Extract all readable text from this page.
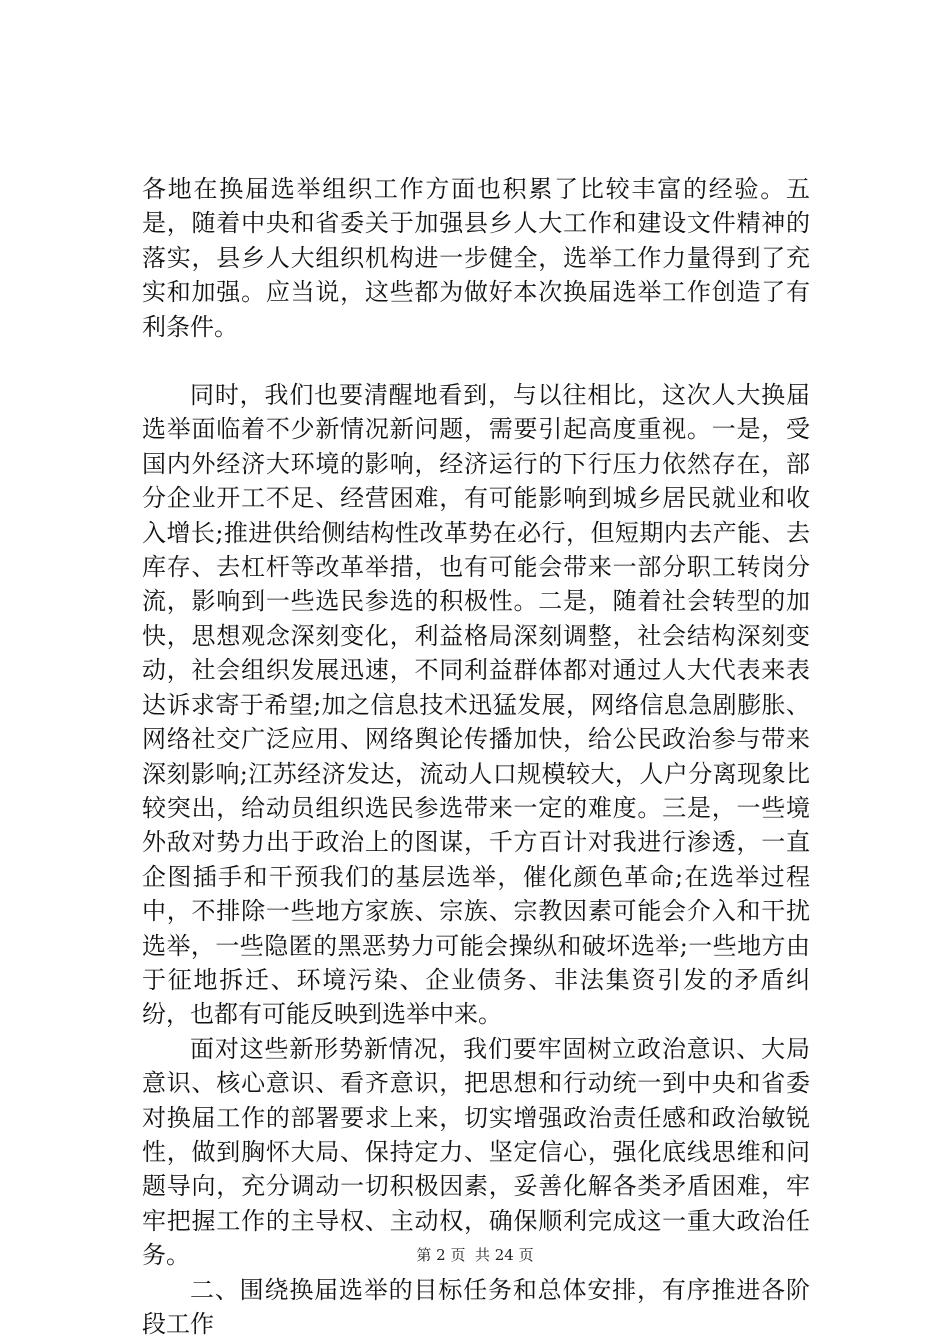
各地在换届选举组织工作方面也积累了比较丰富的经验。五是，随着中央和省委关于加强县乡人大工作和建设文件精神的落实，县乡人大组织机构进一步健全，选举工作力量得到了充实和加强。应当说，这些都为做好本次换届选举工作创造了有利条件。

同时，我们也要清醒地看到，与以往相比，这次人大换届选举面临着不少新情况新问题，需要引起高度重视。一是，受国内外经济大环境的影响，经济运行的下行压力依然存在，部分企业开工不足、经营困难，有可能影响到城乡居民就业和收入增长;推进供给侧结构性改革势在必行，但短期内去产能、去库存、去杠杆等改革举措，也有可能会带来一部分职工转岗分流，影响到一些选民参选的积极性。二是，随着社会转型的加快，思想观念深刻变化，利益格局深刻调整，社会结构深刻变动，社会组织发展迅速，不同利益群体都对通过人大代表来表达诉求寄于希望;加之信息技术迅猛发展，网络信息急剧膨胀、网络社交广泛应用、网络舆论传播加快，给公民政治参与带来深刻影响;江苏经济发达，流动人口规模较大，人户分离现象比较突出，给动员组织选民参选带来一定的难度。三是，一些境外敌对势力出于政治上的图谋，千方百计对我进行渗透，一直企图插手和干预我们的基层选举，催化颜色革命;在选举过程中，不排除一些地方家族、宗族、宗教因素可能会介入和干扰选举，一些隐匿的黑恶势力可能会操纵和破坏选举;一些地方由于征地拆迁、环境污染、企业债务、非法集资引发的矛盾纠纷，也都有可能反映到选举中来。

面对这些新形势新情况，我们要牢固树立政治意识、大局意识、核心意识、看齐意识，把思想和行动统一到中央和省委对换届工作的部署要求上来，切实增强政治责任感和政治敏锐性，做到胸怀大局、保持定力、坚定信心，强化底线思维和问题导向，充分调动一切积极因素，妥善化解各类矛盾困难，牢牢把握工作的主导权、主动权，确保顺利完成这一重大政治任务。

二、围绕换届选举的目标任务和总体安排，有序推进各阶段工作

第 2 页  共 24 页
